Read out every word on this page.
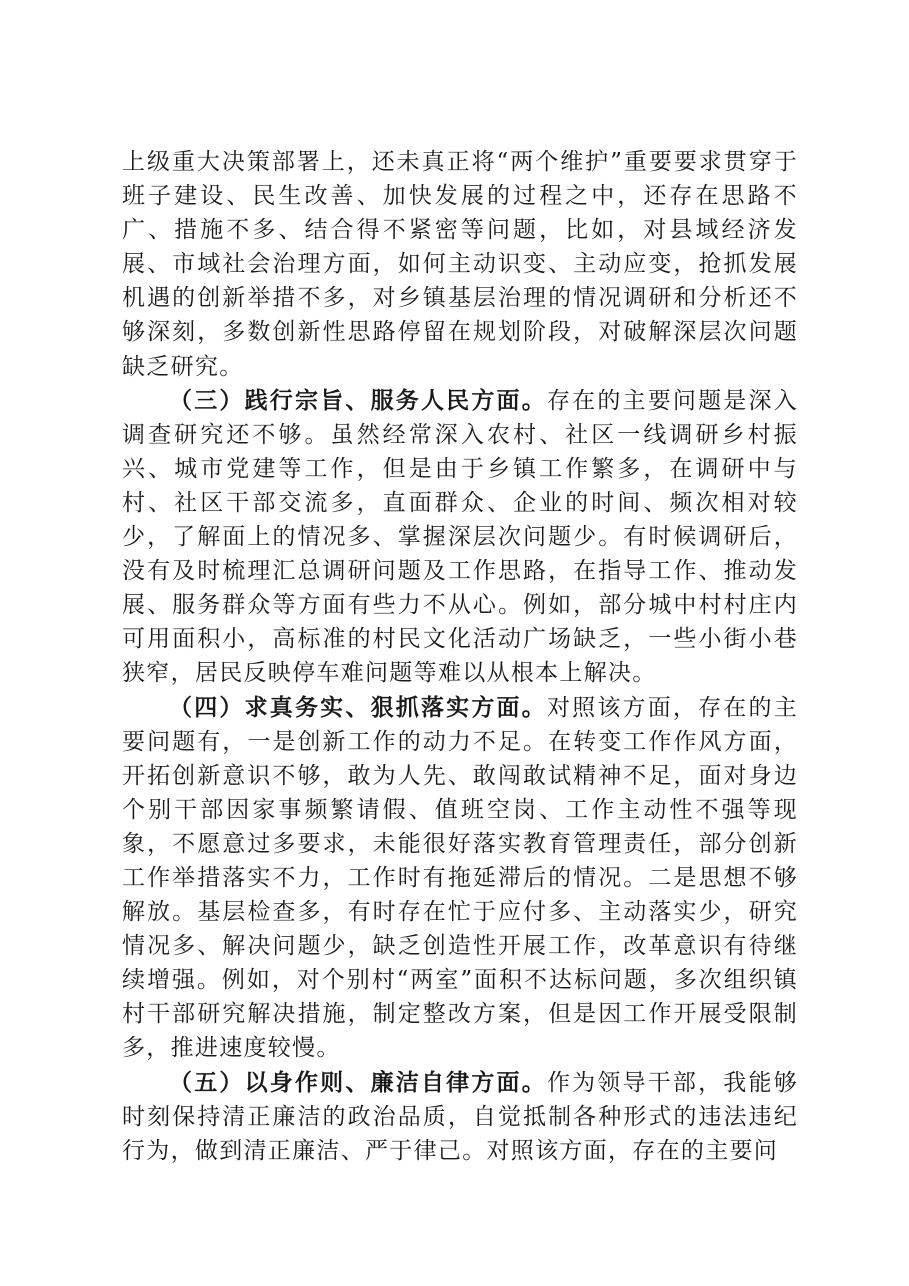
上级重大决策部署上，还未真正将“两个维护”重要要求贯穿于班子建设、民生改善、加快发展的过程之中，还存在思路不广、措施不多、结合得不紧密等问题，比如，对县域经济发展、市域社会治理方面，如何主动识变、主动应变，抢抓发展机遇的创新举措不多，对乡镇基层治理的情况调研和分析还不够深刻，多数创新性思路停留在规划阶段，对破解深层次问题缺乏研究。

（三）践行宗旨、服务人民方面。存在的主要问题是深入调查研究还不够。虽然经常深入农村、社区一线调研乡村振兴、城市党建等工作，但是由于乡镇工作繁多，在调研中与村、社区干部交流多，直面群众、企业的时间、频次相对较少，了解面上的情况多、掌握深层次问题少。有时候调研后，没有及时梳理汇总调研问题及工作思路，在指导工作、推动发展、服务群众等方面有些力不从心。例如，部分城中村村庄内可用面积小，高标准的村民文化活动广场缺乏，一些小街小巷狭窄，居民反映停车难问题等难以从根本上解决。

（四）求真务实、狠抓落实方面。对照该方面，存在的主要问题有，一是创新工作的动力不足。在转变工作作风方面，开拓创新意识不够，敢为人先、敢闯敢试精神不足，面对身边个别干部因家事频繁请假、值班空岗、工作主动性不强等现象，不愿意过多要求，未能很好落实教育管理责任，部分创新工作举措落实不力，工作时有拖延滞后的情况。二是思想不够解放。基层检查多，有时存在忙于应付多、主动落实少，研究情况多、解决问题少，缺乏创造性开展工作，改革意识有待继续增强。例如，对个别村“两室”面积不达标问题，多次组织镇村干部研究解决措施，制定整改方案，但是因工作开展受限制多，推进速度较慢。

（五）以身作则、廉洁自律方面。作为领导干部，我能够时刻保持清正廉洁的政治品质，自觉抵制各种形式的违法违纪行为，做到清正廉洁、严于律己。对照该方面，存在的主要问
